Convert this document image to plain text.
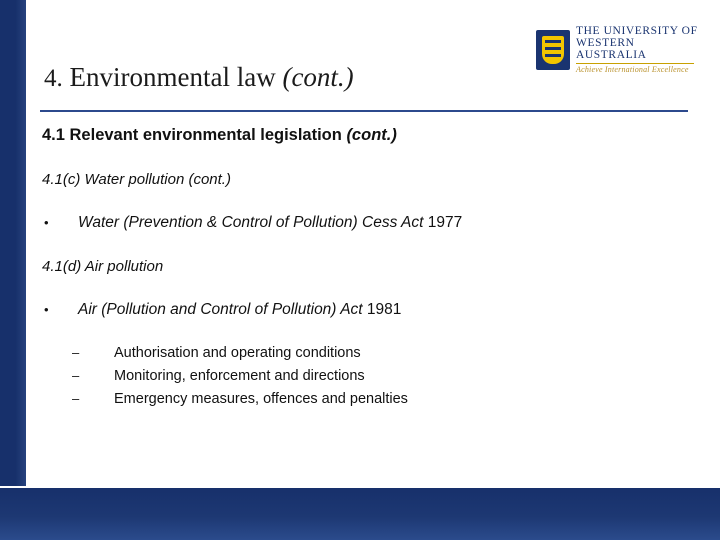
THE UNIVERSITY OF
WESTERN AUSTRALIA
Achieve International Excellence
4. Environmental law (cont.)
4.1 Relevant environmental legislation (cont.)
4.1(c) Water pollution (cont.)
•	Water (Prevention & Control of Pollution) Cess Act 1977
4.1(d) Air pollution
•	Air (Pollution and Control of Pollution) Act 1981
–	Authorisation and operating conditions
–	Monitoring, enforcement and directions
–	Emergency measures, offences and penalties
